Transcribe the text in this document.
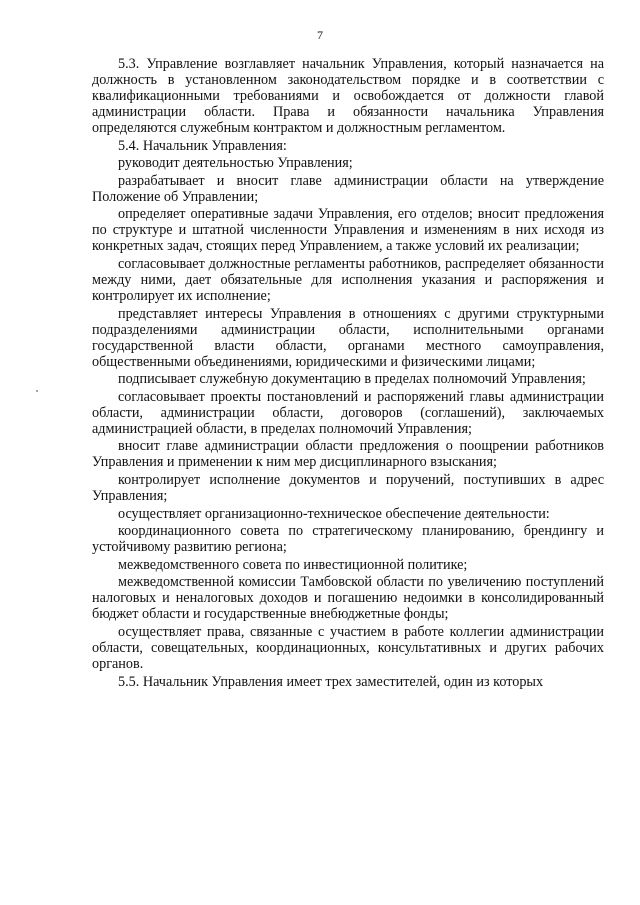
7

5.3. Управление возглавляет начальник Управления, который назначается на должность в установленном законодательством порядке и в соответствии с квалификационными требованиями и освобождается от должности главой администрации области. Права и обязанности начальника Управления определяются служебным контрактом и должностным регламентом.

5.4. Начальник Управления:

руководит деятельностью Управления;

разрабатывает и вносит главе администрации области на утверждение Положение об Управлении;

определяет оперативные задачи Управления, его отделов; вносит предложения по структуре и штатной численности Управления и изменениям в них исходя из конкретных задач, стоящих перед Управлением, а также условий их реализации;

согласовывает должностные регламенты работников, распределяет обязанности между ними, дает обязательные для исполнения указания и распоряжения и контролирует их исполнение;

представляет интересы Управления в отношениях с другими структурными подразделениями администрации области, исполнительными органами государственной власти области, органами местного самоуправления, общественными объединениями, юридическими и физическими лицами;

подписывает служебную документацию в пределах полномочий Управления;

согласовывает проекты постановлений и распоряжений главы администрации области, администрации области, договоров (соглашений), заключаемых администрацией области, в пределах полномочий Управления;

вносит главе администрации области предложения о поощрении работников Управления и применении к ним мер дисциплинарного взыскания;

контролирует исполнение документов и поручений, поступивших в адрес Управления;

осуществляет организационно-техническое обеспечение деятельности:

координационного совета по стратегическому планированию, брендингу и устойчивому развитию региона;

межведомственного совета по инвестиционной политике;

межведомственной комиссии Тамбовской области по увеличению поступлений налоговых и неналоговых доходов и погашению недоимки в консолидированный бюджет области и государственные внебюджетные фонды;

осуществляет права, связанные с участием в работе коллегии администрации области, совещательных, координационных, консультативных и других рабочих органов.

5.5. Начальник Управления имеет трех заместителей, один из которых
